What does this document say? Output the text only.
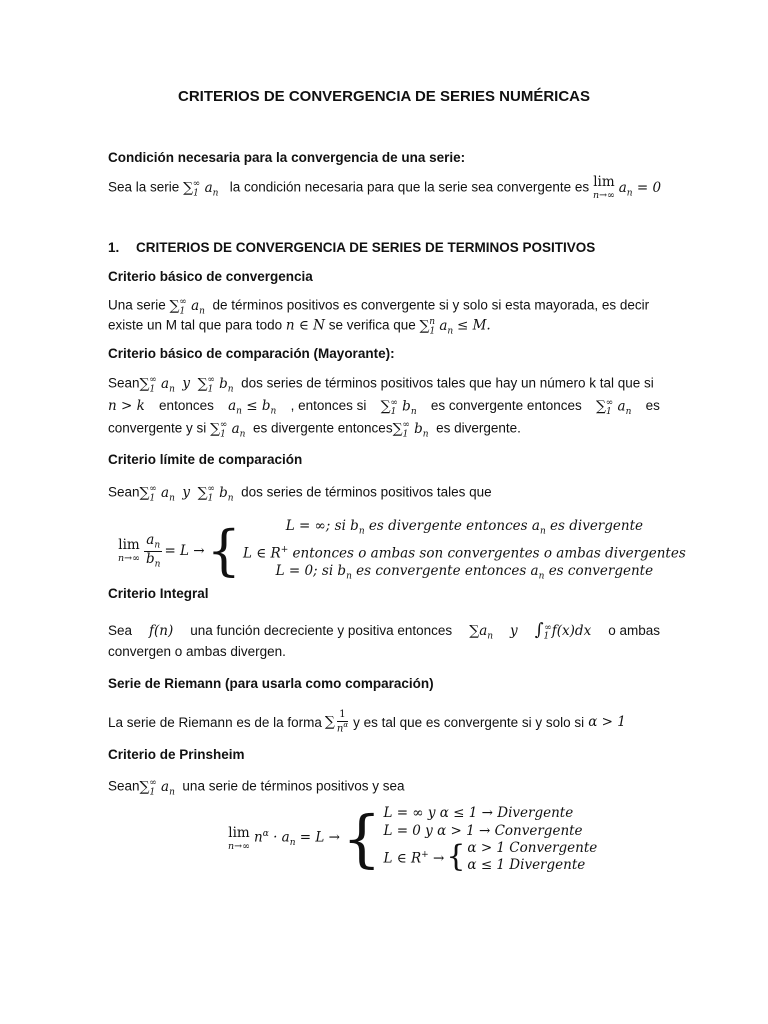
CRITERIOS DE CONVERGENCIA DE SERIES NUMÉRICAS
Condición necesaria para la convergencia de una serie:
Sea la serie $\sum_1^\infty$ $a_n$ la condición necesaria para que la serie sea convergente es lim
n→∞ $a_n = 0$
1. CRITERIOS DE CONVERGENCIA DE SERIES DE TERMINOS POSITIVOS
Criterio básico de convergencia
Una serie $\sum_1^\infty$ $a_n$ de términos positivos es convergente si y solo si esta mayorada, es decir
existe un M tal que para todo n ∈ N se verifica que $\sum_1^n$ $a_n \le M$.
Criterio básico de comparación (Mayorante):
$Sean\sum_1^\infty$ $a_n$ y $\sum_1^\infty$ $b_n$ dos series de términos positivos tales que hay un número k tal que si
n > k entonces $a_n \le b_n$ , entonces si $\sum_1^\infty$ $b_n$ es convergente entonces $\sum_1^\infty$ $a_n$ es
convergente y si $\sum_1^\infty$ $a_n$ es divergente $entonces\sum_1^\infty$ $b_n$ es divergente.
Criterio límite de comparación
$Sean\sum_1^\infty$ $a_n$ y $\sum_1^\infty$ $b_n$ dos series de términos positivos tales que
lim
$n\to\infty \frac{a_n}{b_n} = L$ → {	L = ∞; si $b_n$ es divergente entonces $a_n$ es divergente
L ∈ R+ entonces o ambas son convergentes o ambas divergentes
L = 0; si $b_n$ es convergente entonces $a_n$ es convergente
Criterio Integral
Sea f(n) una función decreciente y positiva entonces $\sum a_n$ y $\int_1^\infty f(x)dx$ o ambas
convergen o ambas divergen.
Serie de Riemann (para usarla como comparación)
La serie de Riemann es de la forma ∑ $\frac{1}{n^\alpha}$ y es tal que es convergente si y solo si α > 1
Criterio de Prinsheim
$Sean\sum_1^\infty$ $a_n$ una serie de términos positivos y sea
lim
n→∞
$n^\alpha \cdot a_n = L$ → { L = ∞ y α ≤ 1 → Divergente
L = 0 y α > 1 → Convergente
L ∈ R+ → { α > 1 Convergente
α ≤ 1 Divergente
